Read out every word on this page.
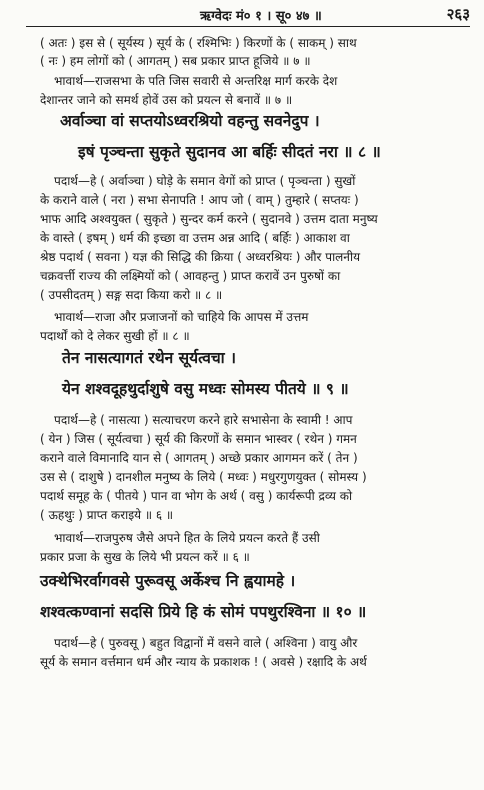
ऋग्वेदः मं० १ । सू० ४७ ॥	२६३
( अतः ) इस से ( सूर्यस्य ) सूर्य के ( रश्मिभिः ) किरणों के ( साकम् ) साथ
( नः ) हम लोगों को ( आगतम् ) सब प्रकार प्राप्त हूजिये ॥ ७ ॥
भावार्थ—राजसभा के पति जिस सवारी से अन्तरिक्ष मार्ग करके देश
देशान्तर जाने को समर्थ होवें उस को प्रयत्न से बनावें ॥ ७ ॥
अर्वाञ्चा वां सप्तयोऽध्वरश्रियो वहन्तु सवनेदुप ।
इषं पृञ्चन्ता सुकृते सुदानव आ बर्हिः सीदतं नरा ॥ ८ ॥
पदार्थ—हे ( अर्वाञ्चा ) घोड़े के समान वेगों को प्राप्त ( पृञ्चन्ता ) सुखों
के कराने वाले ( नरा ) सभा सेनापति ! आप जो ( वाम् ) तुम्हारे ( सप्तयः )
भाफ आदि अश्वयुक्त ( सुकृते ) सुन्दर कर्म करने ( सुदानवे ) उत्तम दाता मनुष्य
के वास्ते ( इषम् ) धर्म की इच्छा वा उत्तम अन्न आदि ( बर्हिः ) आकाश वा
श्रेष्ठ पदार्थ ( सवना ) यज्ञ की सिद्धि की क्रिया ( अध्वरश्रियः ) और पालनीय
चक्रवर्त्ती राज्य की लक्ष्मियों को ( आवहन्तु ) प्राप्त करावें उन पुरुषों का
( उपसीदतम् ) सङ्ग सदा किया करो ॥ ८ ॥
भावार्थ—राजा और प्रजाजनों को चाहिये कि आपस में उत्तम
पदार्थों को दे लेकर सुखी हों ॥ ८ ॥
तेन नासत्यागतं रथेन सूर्यत्वचा ।
येन शश्वदूहथुर्दाशुषे वसु मध्वः सोमस्य पीतये ॥ ९ ॥
पदार्थ—हे ( नासत्या ) सत्याचरण करने हारे सभासेना के स्वामी ! आप
( येन ) जिस ( सूर्यत्वचा ) सूर्य की किरणों के समान भास्वर ( रथेन ) गमन
कराने वाले विमानादि यान से ( आगतम् ) अच्छे प्रकार आगमन करें ( तेन )
उस से ( दाशुषे ) दानशील मनुष्य के लिये ( मध्वः ) मधुरगुणयुक्त ( सोमस्य )
पदार्थ समूह के ( पीतये ) पान वा भोग के अर्थ ( वसु ) कार्यरूपी द्रव्य को
( ऊहथुः ) प्राप्त कराइये ॥ ६ ॥
भावार्थ—राजपुरुष जैसे अपने हित के लिये प्रयत्न करते हैं उसी
प्रकार प्रजा के सुख के लिये भी प्रयत्न करें ॥ ६ ॥
उक्थेभिरर्वागवसे पुरूवसू अर्केश्च नि ह्वयामहे ।
शश्वत्कण्वानां सदसि प्रिये हि कं सोमं पपथुरश्विना ॥ १० ॥
पदार्थ—हे ( पुरुवसू ) बहुत विद्वानों में वसने वाले ( अश्विना ) वायु और
सूर्य के समान वर्त्तमान धर्म और न्याय के प्रकाशक ! ( अवसे ) रक्षादि के अर्थ
